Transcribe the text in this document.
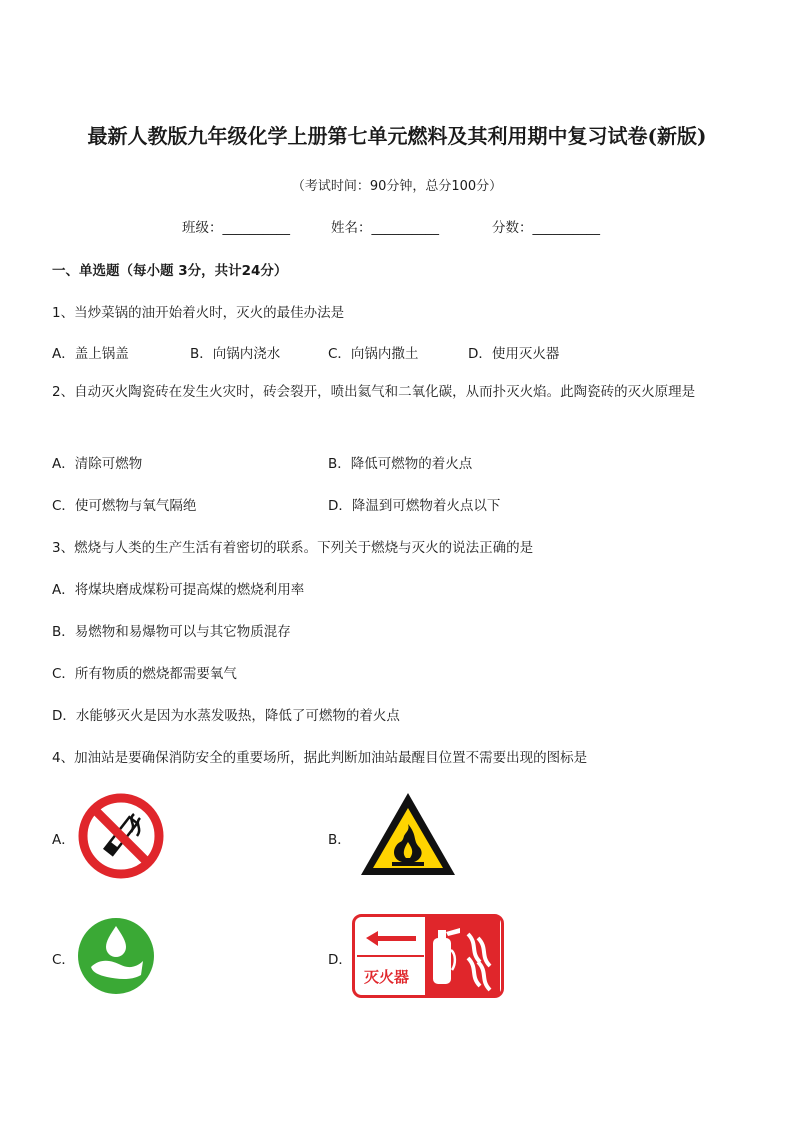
最新人教版九年级化学上册第七单元燃料及其利用期中复习试卷(新版)
（考试时间：90分钟，总分100分）
班级：__________	姓名：__________	分数：__________
一、单选题（每小题 3分，共计24分）
1、当炒菜锅的油开始着火时，灭火的最佳办法是
A．盖上锅盖	B．向锅内浇水	C．向锅内撒土	D．使用灭火器
2、自动灭火陶瓷砖在发生火灾时，砖会裂开，喷出氦气和二氧化碳，从而扑灭火焰。此陶瓷砖的灭火原理是
A．清除可燃物	B．降低可燃物的着火点
C．使可燃物与氧气隔绝	D．降温到可燃物着火点以下
3、燃烧与人类的生产生活有着密切的联系。下列关于燃烧与灭火的说法正确的是
A．将煤块磨成煤粉可提高煤的燃烧利用率
B．易燃物和易爆物可以与其它物质混存
C．所有物质的燃烧都需要氧气
D．水能够灭火是因为水蒸发吸热，降低了可燃物的着火点
4、加油站是要确保消防安全的重要场所，据此判断加油站最醒目位置不需要出现的图标是
A．	B．
C．	D．
灭火器
